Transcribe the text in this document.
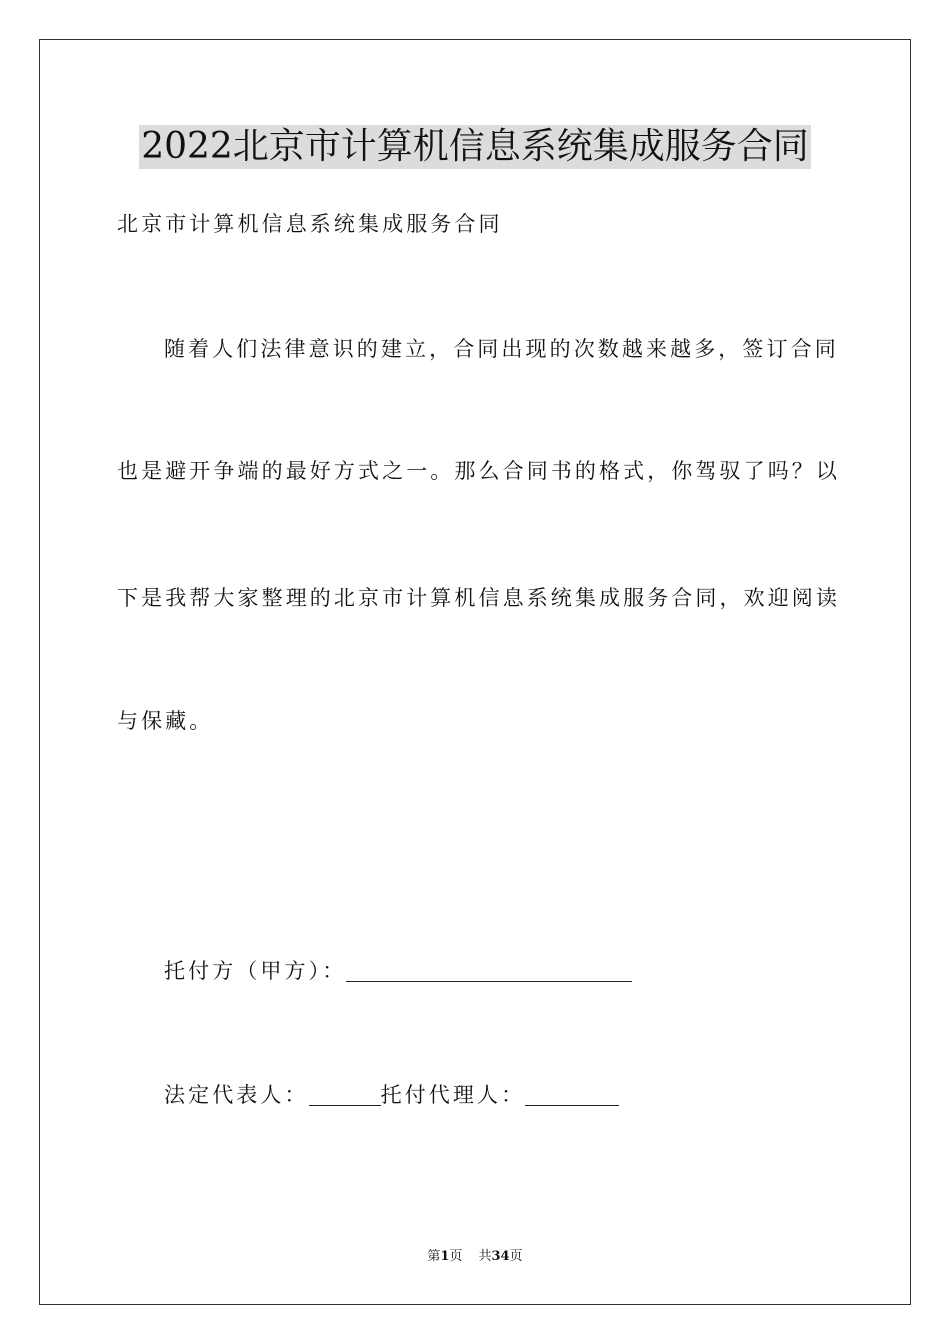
2022北京市计算机信息系统集成服务合同
北京市计算机信息系统集成服务合同
随着人们法律意识的建立，合同出现的次数越来越多，签订合同
也是避开争端的最好方式之一。那么合同书的格式，你驾驭了吗？以
下是我帮大家整理的北京市计算机信息系统集成服务合同，欢迎阅读
与保藏。
托付方（甲方）：
法定代表人：	托付代理人：
第1页 共34页
